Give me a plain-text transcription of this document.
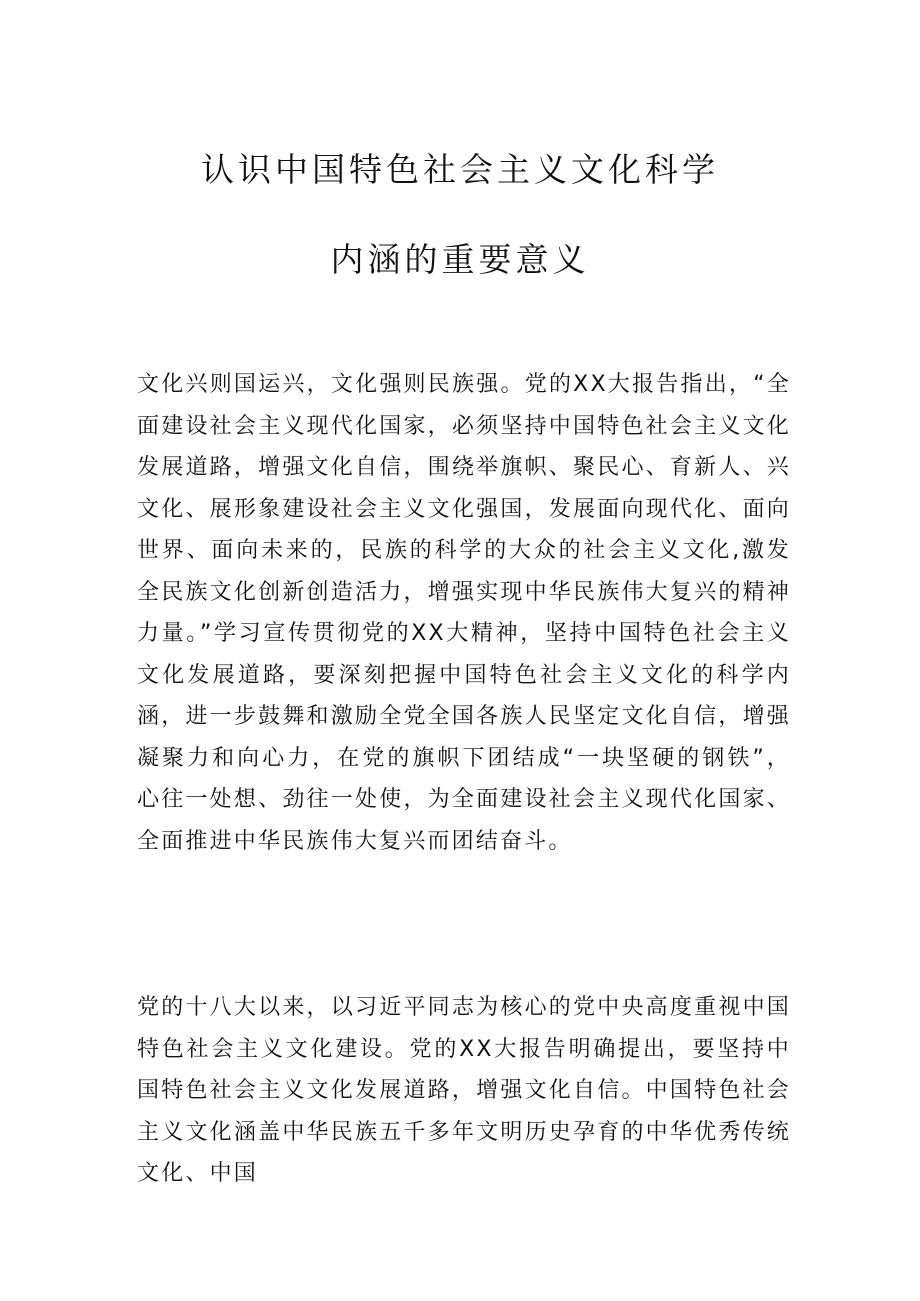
认识中国特色社会主义文化科学
内涵的重要意义

文化兴则国运兴，文化强则民族强。党的XX大报告指出，“全面建设社会主义现代化国家，必须坚持中国特色社会主义文化发展道路，增强文化自信，围绕举旗帜、聚民心、育新人、兴文化、展形象建设社会主义文化强国，发展面向现代化、面向世界、面向未来的，民族的科学的大众的社会主义文化,激发全民族文化创新创造活力，增强实现中华民族伟大复兴的精神力量。”学习宣传贯彻党的XX大精神，坚持中国特色社会主义文化发展道路，要深刻把握中国特色社会主义文化的科学内涵，进一步鼓舞和激励全党全国各族人民坚定文化自信，增强凝聚力和向心力，在党的旗帜下团结成“一块坚硬的钢铁”，心往一处想、劲往一处使，为全面建设社会主义现代化国家、全面推进中华民族伟大复兴而团结奋斗。

党的十八大以来，以习近平同志为核心的党中央高度重视中国特色社会主义文化建设。党的XX大报告明确提出，要坚持中国特色社会主义文化发展道路，增强文化自信。中国特色社会主义文化涵盖中华民族五千多年文明历史孕育的中华优秀传统文化、中国
